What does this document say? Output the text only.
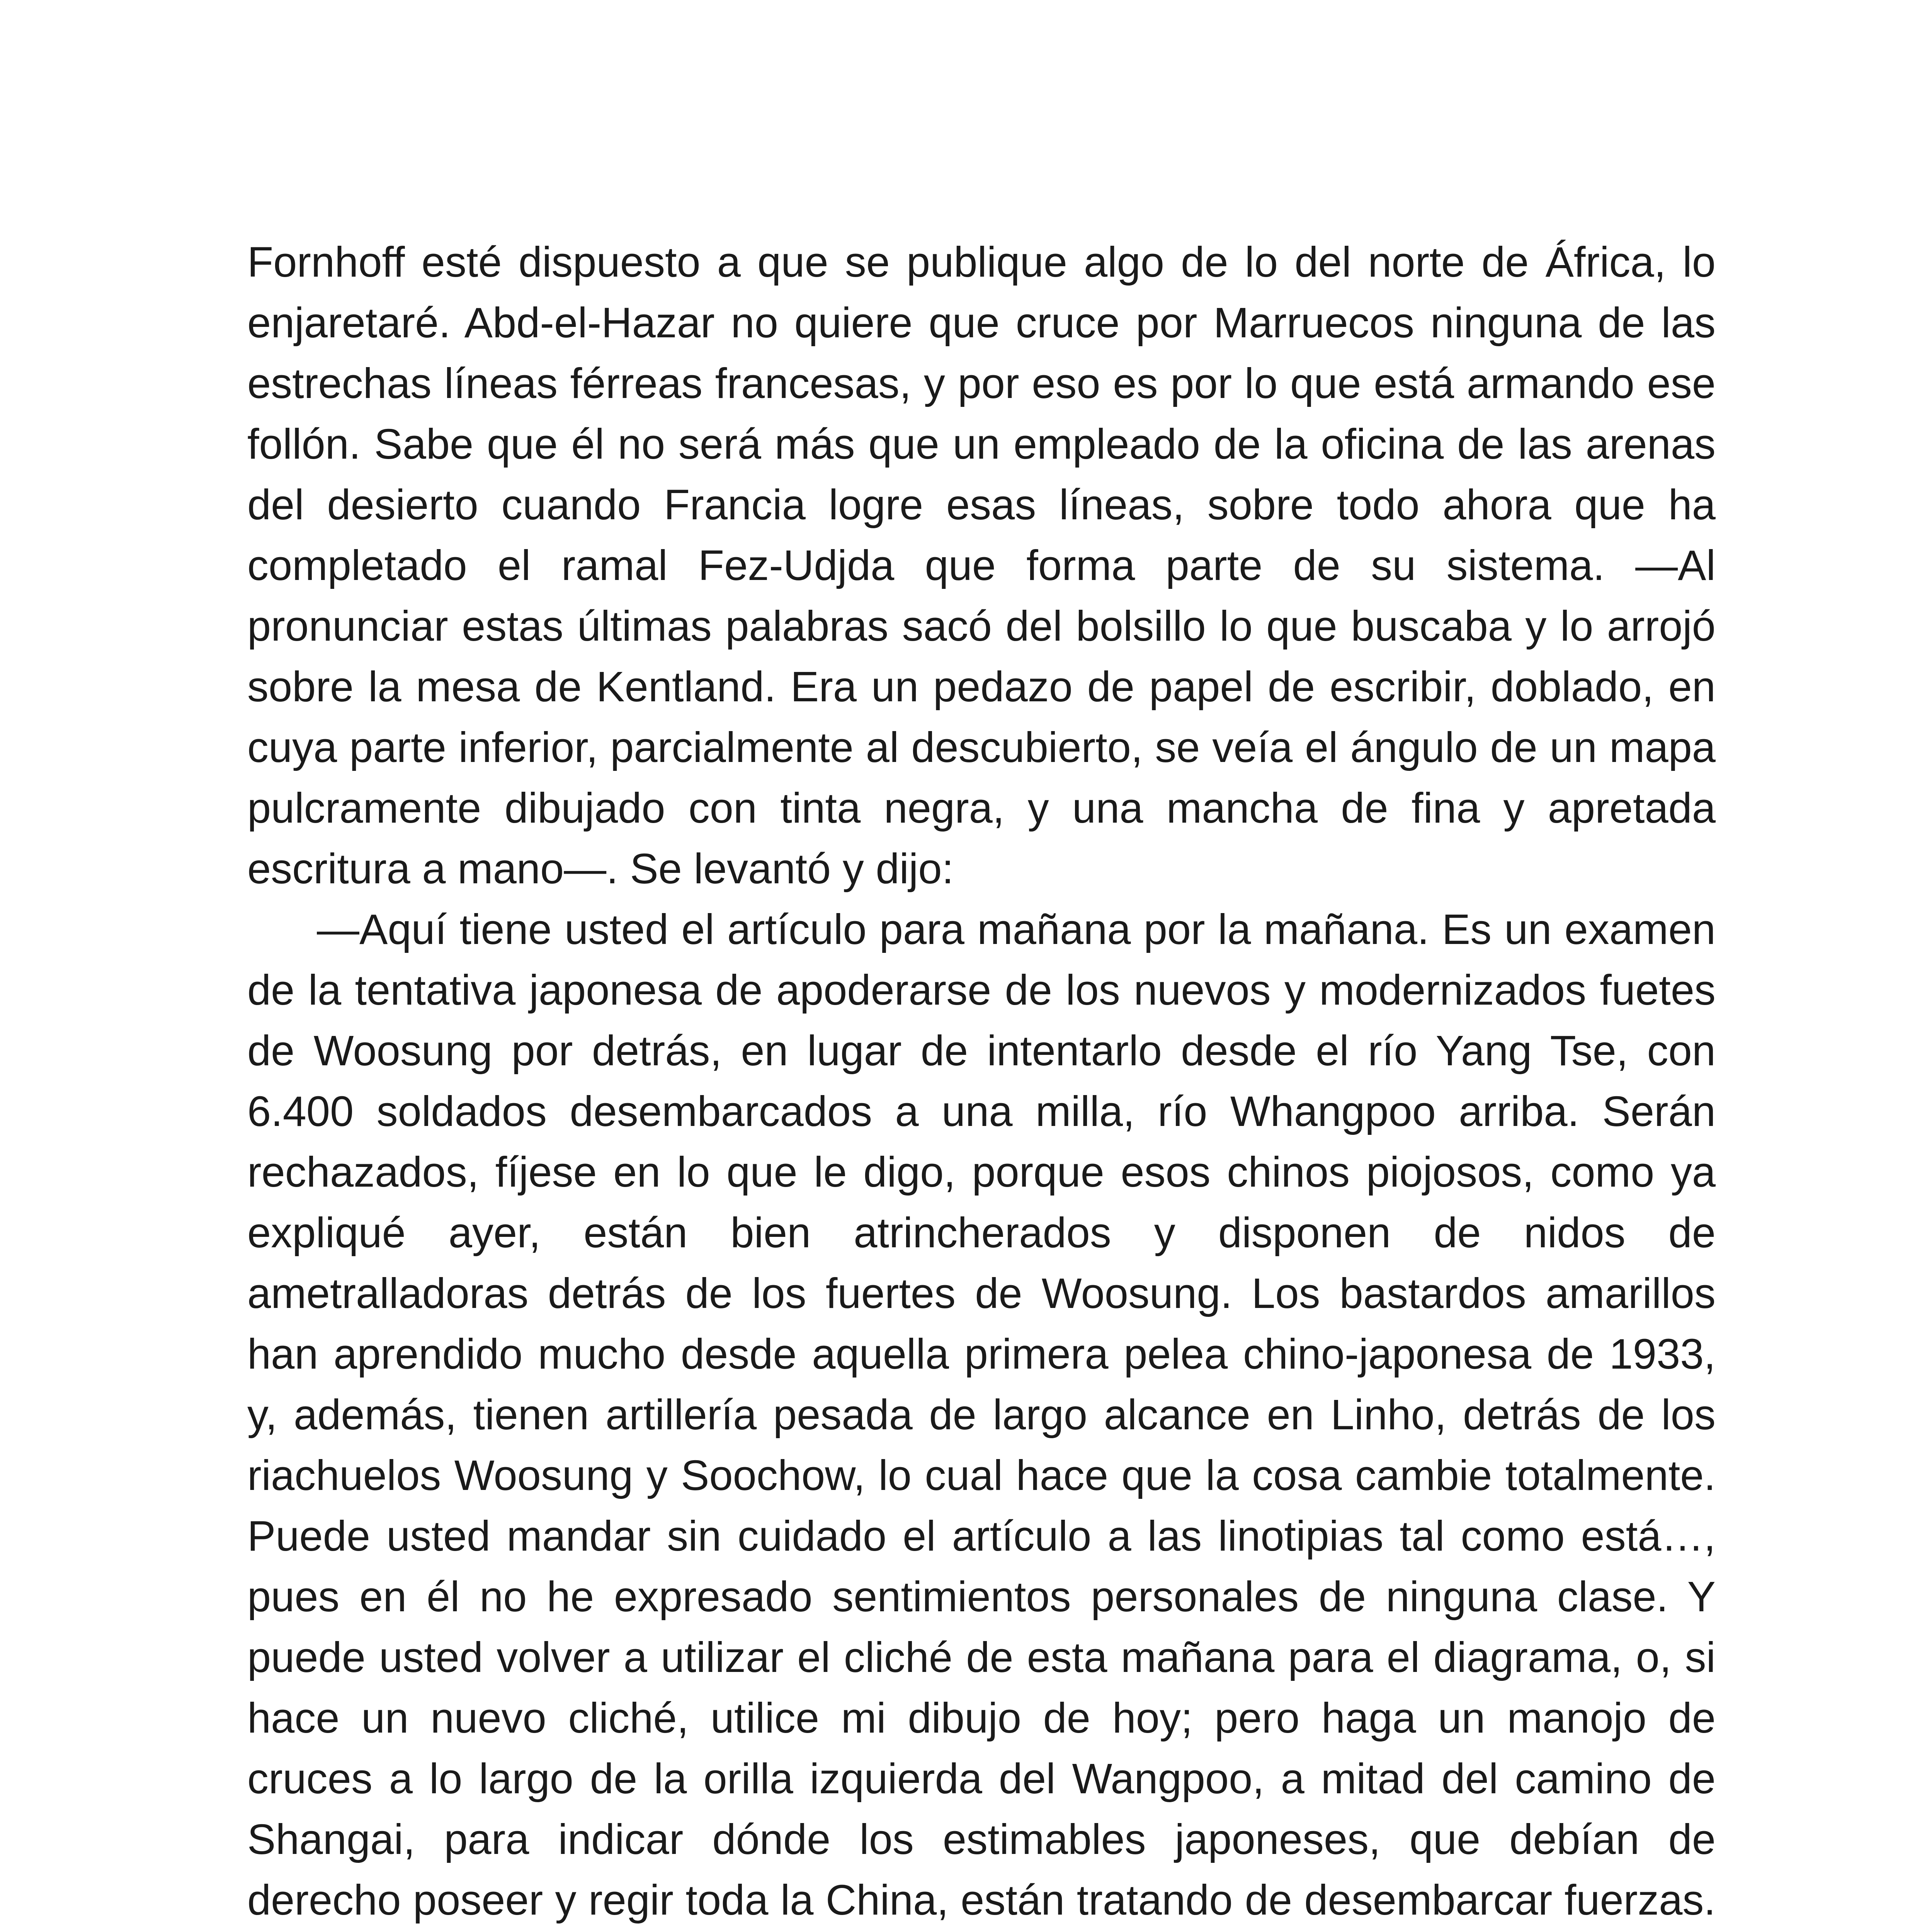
Fornhoff esté dispuesto a que se publique algo de lo del norte de África, lo enjaretaré. Abd-el-Hazar no quiere que cruce por Marruecos ninguna de las estrechas líneas férreas francesas, y por eso es por lo que está armando ese follón. Sabe que él no será más que un empleado de la oficina de las arenas del desierto cuando Francia logre esas líneas, sobre todo ahora que ha completado el ramal Fez-Udjda que forma parte de su sistema. —Al pronunciar estas últimas palabras sacó del bolsillo lo que buscaba y lo arrojó sobre la mesa de Kentland. Era un pedazo de papel de escribir, doblado, en cuya parte inferior, parcialmente al descubierto, se veía el ángulo de un mapa pulcramente dibujado con tinta negra, y una mancha de fina y apretada escritura a mano—. Se levantó y dijo:

—Aquí tiene usted el artículo para mañana por la mañana. Es un examen de la tentativa japonesa de apoderarse de los nuevos y modernizados fuetes de Woosung por detrás, en lugar de intentarlo desde el río Yang Tse, con 6.400 soldados desembarcados a una milla, río Whangpoo arriba. Serán rechazados, fíjese en lo que le digo, porque esos chinos piojosos, como ya expliqué ayer, están bien atrincherados y disponen de nidos de ametralladoras detrás de los fuertes de Woosung. Los bastardos amarillos han aprendido mucho desde aquella primera pelea chino-japonesa de 1933, y, además, tienen artillería pesada de largo alcance en Linho, detrás de los riachuelos Woosung y Soochow, lo cual hace que la cosa cambie totalmente. Puede usted mandar sin cuidado el artículo a las linotipias tal como está…, pues en él no he expresado sentimientos personales de ninguna clase. Y puede usted volver a utilizar el cliché de esta mañana para el diagrama, o, si hace un nuevo cliché, utilice mi dibujo de hoy; pero haga un manojo de cruces a lo largo de la orilla izquierda del Wangpoo, a mitad del camino de Shangai, para indicar dónde los estimables japoneses, que debían de derecho poseer y regir toda la China, están tratando de desembarcar fuerzas.
